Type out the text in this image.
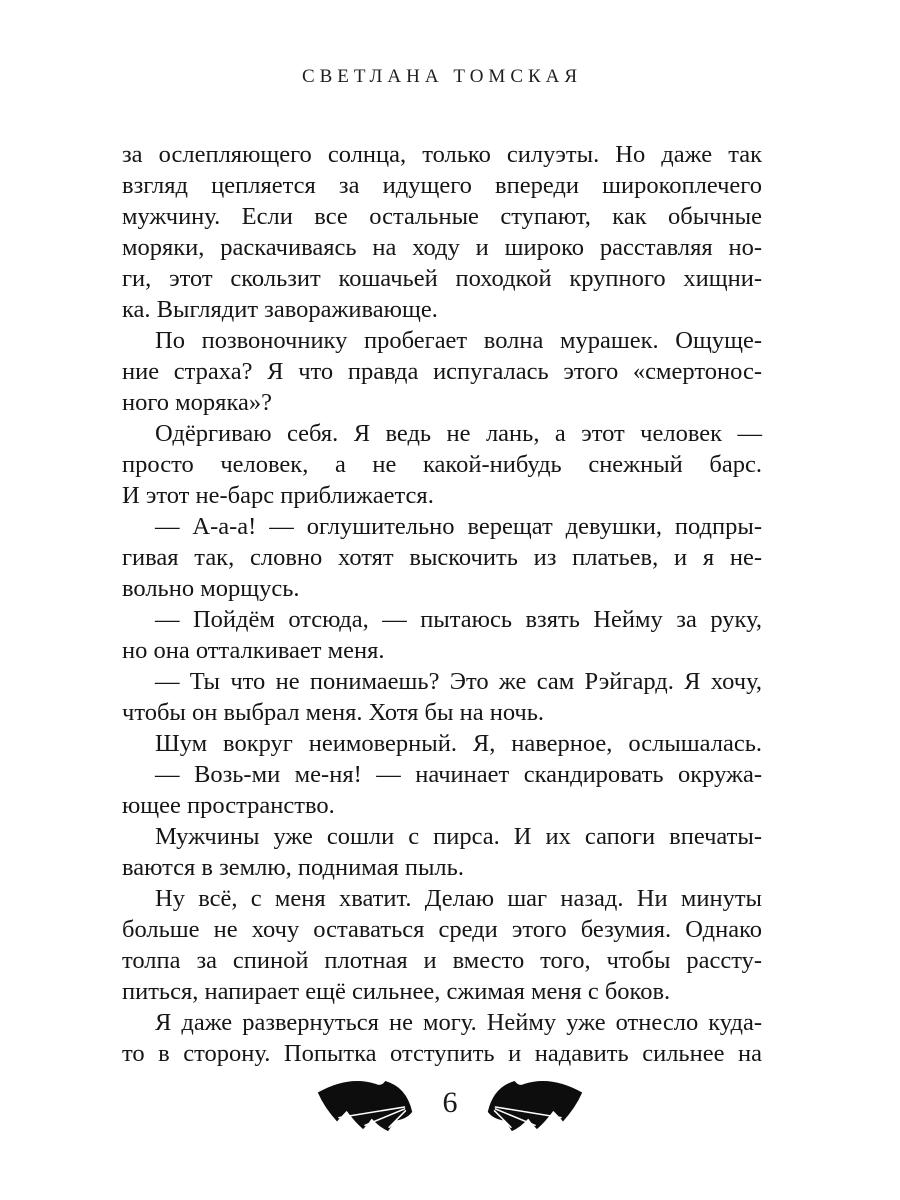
СВЕТЛАНА ТОМСКАЯ
за ослепляющего солнца, только силуэты. Но даже так
взгляд цепляется за идущего впереди широкоплечего
мужчину. Если все остальные ступают, как обычные
моряки, раскачиваясь на ходу и широко расставляя но-
ги, этот скользит кошачьей походкой крупного хищни-
ка. Выглядит завораживающе.
По позвоночнику пробегает волна мурашек. Ощуще-
ние страха? Я что правда испугалась этого «смертонос-
ного моряка»?
Одёргиваю себя. Я ведь не лань, а этот человек —
просто человек, а не какой-нибудь снежный барс.
И этот не-барс приближается.
— А-а-а! — оглушительно верещат девушки, подпры-
гивая так, словно хотят выскочить из платьев, и я не-
вольно морщусь.
— Пойдём отсюда, — пытаюсь взять Нейму за руку,
но она отталкивает меня.
— Ты что не понимаешь? Это же сам Рэйгард. Я хочу,
чтобы он выбрал меня. Хотя бы на ночь.
Шум вокруг неимоверный. Я, наверное, ослышалась.
— Возь-ми ме-ня! — начинает скандировать окружа-
ющее пространство.
Мужчины уже сошли с пирса. И их сапоги впечаты-
ваются в землю, поднимая пыль.
Ну всё, с меня хватит. Делаю шаг назад. Ни минуты
больше не хочу оставаться среди этого безумия. Однако
толпа за спиной плотная и вместо того, чтобы рассту-
питься, напирает ещё сильнее, сжимая меня с боков.
Я даже развернуться не могу. Нейму уже отнесло куда-
то в сторону. Попытка отступить и надавить сильнее на
6
